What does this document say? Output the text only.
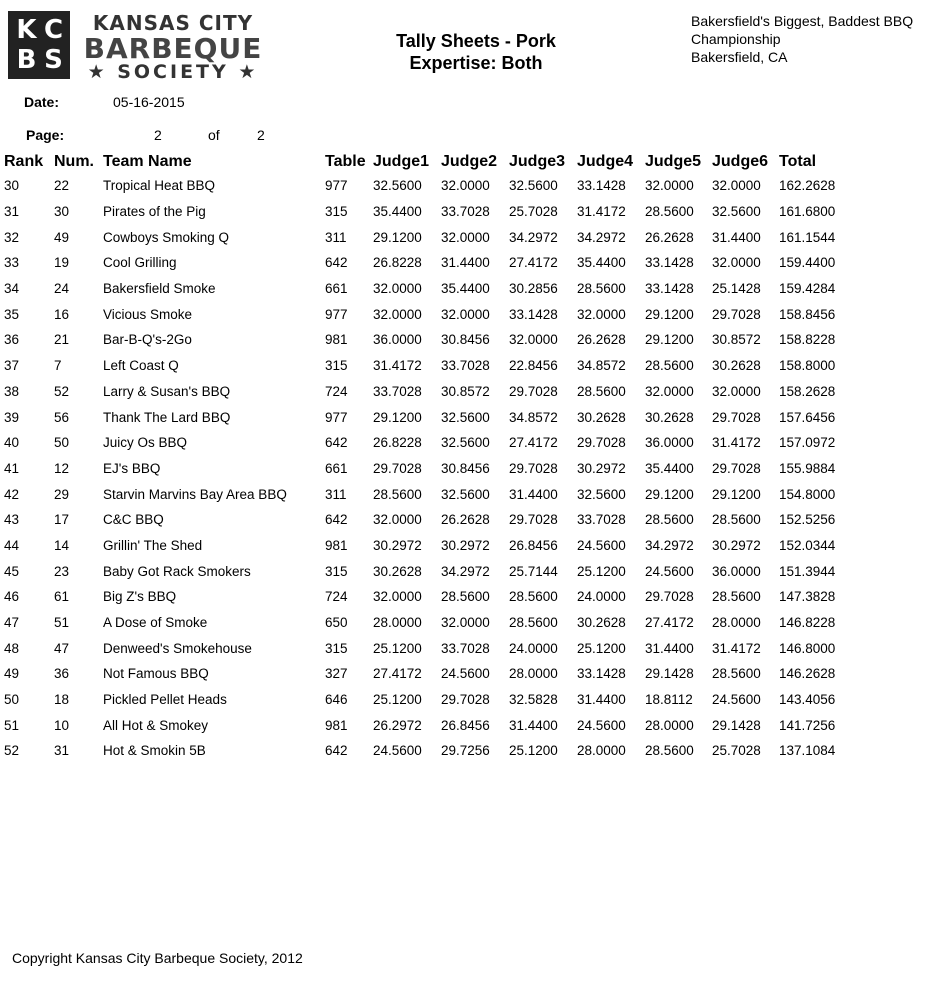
K C
B S
KANSAS CITY
BARBEQUE
★ SOCIETY ★
Tally Sheets - Pork
Expertise: Both
Bakersfield's Biggest, Baddest BBQ
Championship
Bakersfield, CA
Date:	05-16-2015
Page:	2	of	2
Rank	Num.	Team Name	Table	Judge1	Judge2	Judge3	Judge4	Judge5	Judge6	Total
30	22	Tropical Heat BBQ	977	32.5600	32.0000	32.5600	33.1428	32.0000	32.0000	162.2628
31	30	Pirates of the Pig	315	35.4400	33.7028	25.7028	31.4172	28.5600	32.5600	161.6800
32	49	Cowboys Smoking Q	311	29.1200	32.0000	34.2972	34.2972	26.2628	31.4400	161.1544
33	19	Cool Grilling	642	26.8228	31.4400	27.4172	35.4400	33.1428	32.0000	159.4400
34	24	Bakersfield Smoke	661	32.0000	35.4400	30.2856	28.5600	33.1428	25.1428	159.4284
35	16	Vicious Smoke	977	32.0000	32.0000	33.1428	32.0000	29.1200	29.7028	158.8456
36	21	Bar-B-Q's-2Go	981	36.0000	30.8456	32.0000	26.2628	29.1200	30.8572	158.8228
37	7	Left Coast Q	315	31.4172	33.7028	22.8456	34.8572	28.5600	30.2628	158.8000
38	52	Larry & Susan's BBQ	724	33.7028	30.8572	29.7028	28.5600	32.0000	32.0000	158.2628
39	56	Thank The Lard BBQ	977	29.1200	32.5600	34.8572	30.2628	30.2628	29.7028	157.6456
40	50	Juicy Os BBQ	642	26.8228	32.5600	27.4172	29.7028	36.0000	31.4172	157.0972
41	12	EJ's BBQ	661	29.7028	30.8456	29.7028	30.2972	35.4400	29.7028	155.9884
42	29	Starvin Marvins Bay Area BBQ	311	28.5600	32.5600	31.4400	32.5600	29.1200	29.1200	154.8000
43	17	C&C BBQ	642	32.0000	26.2628	29.7028	33.7028	28.5600	28.5600	152.5256
44	14	Grillin' The Shed	981	30.2972	30.2972	26.8456	24.5600	34.2972	30.2972	152.0344
45	23	Baby Got Rack Smokers	315	30.2628	34.2972	25.7144	25.1200	24.5600	36.0000	151.3944
46	61	Big Z's BBQ	724	32.0000	28.5600	28.5600	24.0000	29.7028	28.5600	147.3828
47	51	A Dose of Smoke	650	28.0000	32.0000	28.5600	30.2628	27.4172	28.0000	146.8228
48	47	Denweed's Smokehouse	315	25.1200	33.7028	24.0000	25.1200	31.4400	31.4172	146.8000
49	36	Not Famous BBQ	327	27.4172	24.5600	28.0000	33.1428	29.1428	28.5600	146.2628
50	18	Pickled Pellet Heads	646	25.1200	29.7028	32.5828	31.4400	18.8112	24.5600	143.4056
51	10	All Hot & Smokey	981	26.2972	26.8456	31.4400	24.5600	28.0000	29.1428	141.7256
52	31	Hot & Smokin 5B	642	24.5600	29.7256	25.1200	28.0000	28.5600	25.7028	137.1084
Copyright Kansas City Barbeque Society, 2012
